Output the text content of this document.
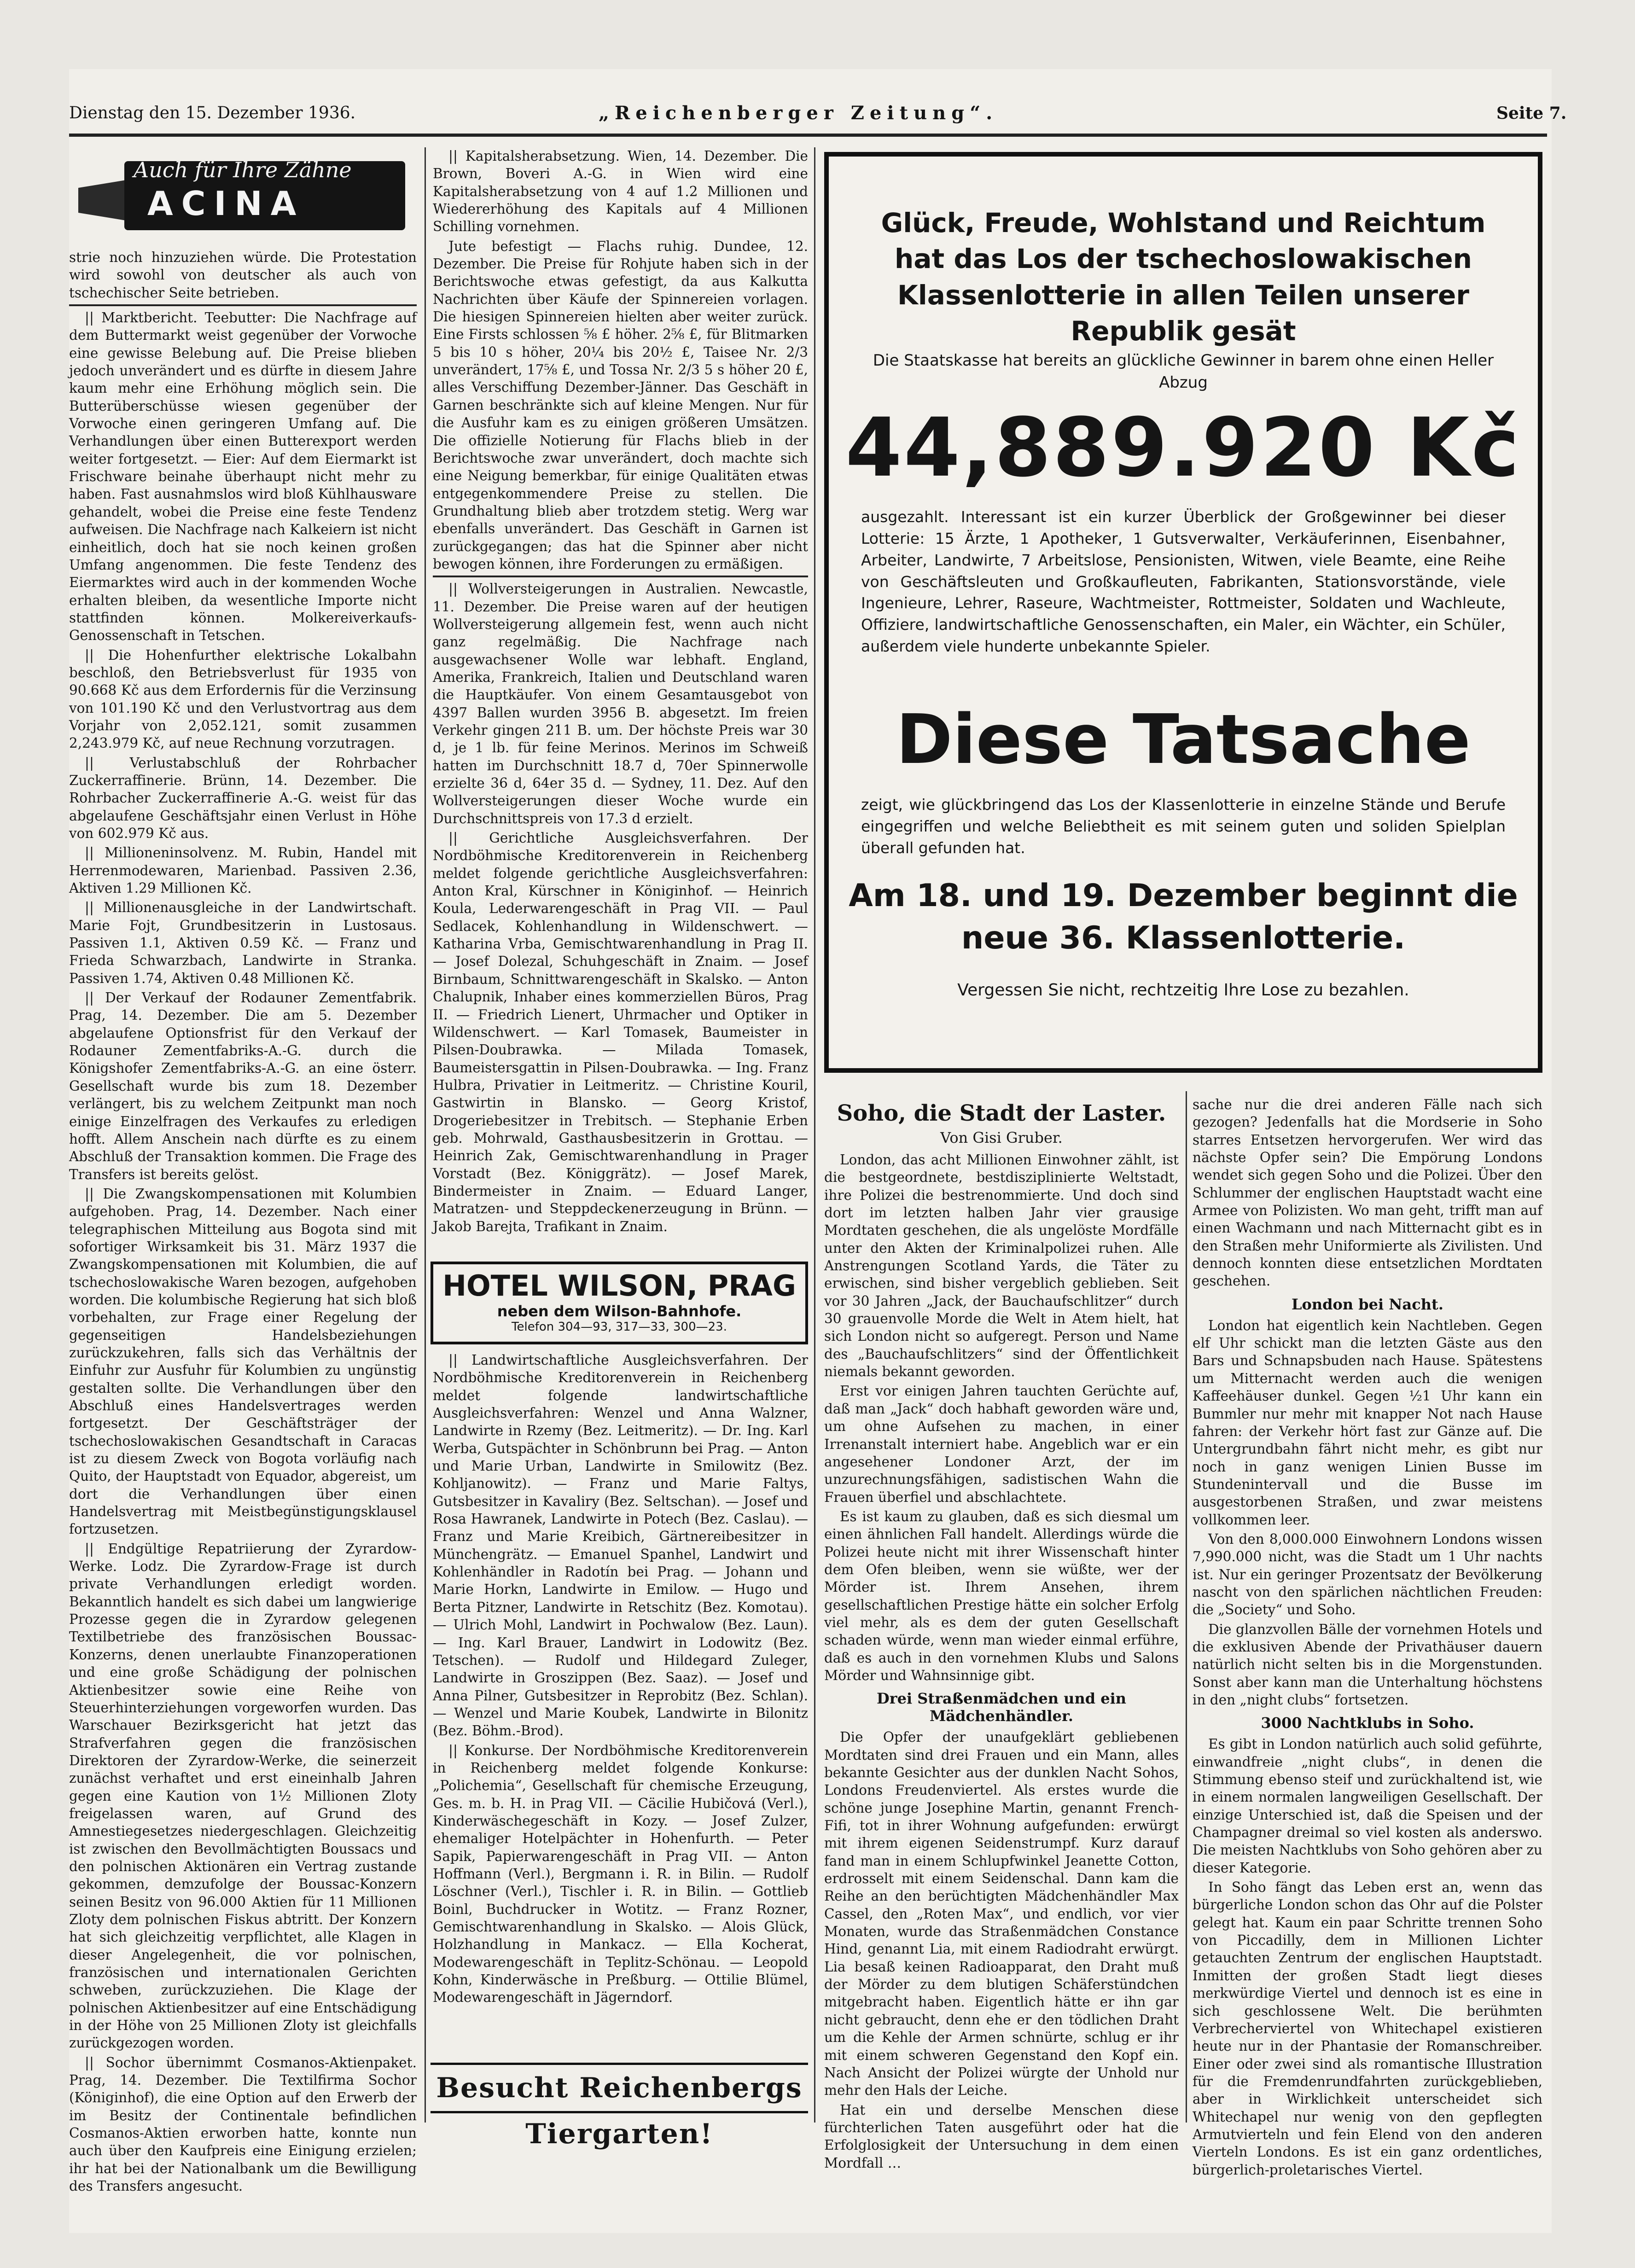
Dienstag den 15. Dezember 1936.	„Reichenberger Zeitung“.	Seite 7.
Auch für Ihre Zähne
ACINA

strie noch hinzuziehen würde. Die Protestation wird sowohl von deutscher als auch von tschechischer Seite betrieben.

|| Marktbericht. Teebutter: Die Nachfrage auf dem Buttermarkt weist gegenüber der Vorwoche eine gewisse Belebung auf. Die Preise blieben jedoch unverändert und es dürfte in diesem Jahre kaum mehr eine Erhöhung möglich sein. Die Butterüberschüsse wiesen gegenüber der Vorwoche einen geringeren Umfang auf. Die Verhandlungen über einen Butterexport werden weiter fortgesetzt. — Eier: Auf dem Eiermarkt ist Frischware beinahe überhaupt nicht mehr zu haben. Fast ausnahmslos wird bloß Kühlhausware gehandelt, wobei die Preise eine feste Tendenz aufweisen. Die Nachfrage nach Kalkeiern ist nicht einheitlich, doch hat sie noch keinen großen Umfang angenommen. Die feste Tendenz des Eiermarktes wird auch in der kommenden Woche erhalten bleiben, da wesentliche Importe nicht stattfinden können. Molkereiverkaufs-Genossenschaft in Tetschen.

|| Die Hohenfurther elektrische Lokalbahn beschloß, den Betriebsverlust für 1935 von 90.668 Kč aus dem Erfordernis für die Verzinsung von 101.190 Kč und den Verlustvortrag aus dem Vorjahr von 2,052.121, somit zusammen 2,243.979 Kč, auf neue Rechnung vorzutragen.

|| Verlustabschluß der Rohrbacher Zuckerraffinerie. Brünn, 14. Dezember. Die Rohrbacher Zuckerraffinerie A.-G. weist für das abgelaufene Geschäftsjahr einen Verlust in Höhe von 602.979 Kč aus.

|| Millioneninsolvenz. M. Rubin, Handel mit Herrenmodewaren, Marienbad. Passiven 2.36, Aktiven 1.29 Millionen Kč.

|| Millionenausgleiche in der Landwirtschaft. Marie Fojt, Grundbesitzerin in Lustosaus. Passiven 1.1, Aktiven 0.59 Kč. — Franz und Frieda Schwarzbach, Landwirte in Stranka. Passiven 1.74, Aktiven 0.48 Millionen Kč.

|| Der Verkauf der Rodauner Zementfabrik. Prag, 14. Dezember. Die am 5. Dezember abgelaufene Optionsfrist für den Verkauf der Rodauner Zementfabriks-A.-G. durch die Königshofer Zementfabriks-A.-G. an eine österr. Gesellschaft wurde bis zum 18. Dezember verlängert, bis zu welchem Zeitpunkt man noch einige Einzelfragen des Verkaufes zu erledigen hofft. Allem Anschein nach dürfte es zu einem Abschluß der Transaktion kommen. Die Frage des Transfers ist bereits gelöst.

|| Die Zwangskompensationen mit Kolumbien aufgehoben. Prag, 14. Dezember. Nach einer telegraphischen Mitteilung aus Bogota sind mit sofortiger Wirksamkeit bis 31. März 1937 die Zwangskompensationen mit Kolumbien, die auf tschechoslowakische Waren bezogen, aufgehoben worden. Die kolumbische Regierung hat sich bloß vorbehalten, zur Frage einer Regelung der gegenseitigen Handelsbeziehungen zurückzukehren, falls sich das Verhältnis der Einfuhr zur Ausfuhr für Kolumbien zu ungünstig gestalten sollte. Die Verhandlungen über den Abschluß eines Handelsvertrages werden fortgesetzt. Der Geschäftsträger der tschechoslowakischen Gesandtschaft in Caracas ist zu diesem Zweck von Bogota vorläufig nach Quito, der Hauptstadt von Equador, abgereist, um dort die Verhandlungen über einen Handelsvertrag mit Meistbegünstigungsklausel fortzusetzen.

|| Endgültige Repatriierung der Zyrardow-Werke. Lodz. Die Zyrardow-Frage ist durch private Verhandlungen erledigt worden. Bekanntlich handelt es sich dabei um langwierige Prozesse gegen die in Zyrardow gelegenen Textilbetriebe des französischen Boussac-Konzerns, denen unerlaubte Finanzoperationen und eine große Schädigung der polnischen Aktienbesitzer sowie eine Reihe von Steuerhinterziehungen vorgeworfen wurden. Das Warschauer Bezirksgericht hat jetzt das Strafverfahren gegen die französischen Direktoren der Zyrardow-Werke, die seinerzeit zunächst verhaftet und erst eineinhalb Jahren gegen eine Kaution von 1½ Millionen Zloty freigelassen waren, auf Grund des Amnestiegesetzes niedergeschlagen. Gleichzeitig ist zwischen den Bevollmächtigten Boussacs und den polnischen Aktionären ein Vertrag zustande gekommen, demzufolge der Boussac-Konzern seinen Besitz von 96.000 Aktien für 11 Millionen Zloty dem polnischen Fiskus abtritt. Der Konzern hat sich gleichzeitig verpflichtet, alle Klagen in dieser Angelegenheit, die vor polnischen, französischen und internationalen Gerichten schweben, zurückzuziehen. Die Klage der polnischen Aktienbesitzer auf eine Entschädigung in der Höhe von 25 Millionen Zloty ist gleichfalls zurückgezogen worden.

|| Sochor übernimmt Cosmanos-Aktienpaket. Prag, 14. Dezember. Die Textilfirma Sochor (Königinhof), die eine Option auf den Erwerb der im Besitz der Continentale befindlichen Cosmanos-Aktien erworben hatte, konnte nun auch über den Kaufpreis eine Einigung erzielen; ihr hat bei der Nationalbank um die Bewilligung des Transfers angesucht.

|| Kapitalsherabsetzung. Wien, 14. Dezember. Die Brown, Boveri A.-G. in Wien wird eine Kapitalsherabsetzung von 4 auf 1.2 Millionen und Wiedererhöhung des Kapitals auf 4 Millionen Schilling vornehmen.

Jute befestigt — Flachs ruhig. Dundee, 12. Dezember. Die Preise für Rohjute haben sich in der Berichtswoche etwas gefestigt, da aus Kalkutta Nachrichten über Käufe der Spinnereien vorlagen. Die hiesigen Spinnereien hielten aber weiter zurück. Eine Firsts schlossen ⅝ £ höher. 2⅝ £, für Blitmarken 5 bis 10 s höher, 20¼ bis 20½ £, Taisee Nr. 2/3 unverändert, 17⅝ £, und Tossa Nr. 2/3 5 s höher 20 £, alles Verschiffung Dezember-Jänner. Das Geschäft in Garnen beschränkte sich auf kleine Mengen. Nur für die Ausfuhr kam es zu einigen größeren Umsätzen. Die offizielle Notierung für Flachs blieb in der Berichtswoche zwar unverändert, doch machte sich eine Neigung bemerkbar, für einige Qualitäten etwas entgegenkommendere Preise zu stellen. Die Grundhaltung blieb aber trotzdem stetig. Werg war ebenfalls unverändert. Das Geschäft in Garnen ist zurückgegangen; das hat die Spinner aber nicht bewogen können, ihre Forderungen zu ermäßigen.

|| Wollversteigerungen in Australien. Newcastle, 11. Dezember. Die Preise waren auf der heutigen Wollversteigerung allgemein fest, wenn auch nicht ganz regelmäßig. Die Nachfrage nach ausgewachsener Wolle war lebhaft. England, Amerika, Frankreich, Italien und Deutschland waren die Hauptkäufer. Von einem Gesamtausgebot von 4397 Ballen wurden 3956 B. abgesetzt. Im freien Verkehr gingen 211 B. um. Der höchste Preis war 30 d, je 1 lb. für feine Merinos. Merinos im Schweiß hatten im Durchschnitt 18.7 d, 70er Spinnerwolle erzielte 36 d, 64er 35 d. — Sydney, 11. Dez. Auf den Wollversteigerungen dieser Woche wurde ein Durchschnittspreis von 17.3 d erzielt.

|| Gerichtliche Ausgleichsverfahren. Der Nordböhmische Kreditorenverein in Reichenberg meldet folgende gerichtliche Ausgleichsverfahren: Anton Kral, Kürschner in Königinhof. — Heinrich Koula, Lederwarengeschäft in Prag VII. — Paul Sedlacek, Kohlenhandlung in Wildenschwert. — Katharina Vrba, Gemischtwarenhandlung in Prag II. — Josef Dolezal, Schuhgeschäft in Znaim. — Josef Birnbaum, Schnittwarengeschäft in Skalsko. — Anton Chalupnik, Inhaber eines kommerziellen Büros, Prag II. — Friedrich Lienert, Uhrmacher und Optiker in Wildenschwert. — Karl Tomasek, Baumeister in Pilsen-Doubrawka. — Milada Tomasek, Baumeistersgattin in Pilsen-Doubrawka. — Ing. Franz Hulbra, Privatier in Leitmeritz. — Christine Kouril, Gastwirtin in Blansko. — Georg Kristof, Drogeriebesitzer in Trebitsch. — Stephanie Erben geb. Mohrwald, Gasthausbesitzerin in Grottau. — Heinrich Zak, Gemischtwarenhandlung in Prager Vorstadt (Bez. Königgrätz). — Josef Marek, Bindermeister in Znaim. — Eduard Langer, Matratzen- und Steppdeckenerzeugung in Brünn. — Jakob Barejta, Trafikant in Znaim.

HOTEL WILSON, PRAG
neben dem Wilson-Bahnhofe.
Telefon 304—93, 317—33, 300—23.

|| Landwirtschaftliche Ausgleichsverfahren. Der Nordböhmische Kreditorenverein in Reichenberg meldet folgende landwirtschaftliche Ausgleichsverfahren: Wenzel und Anna Walzner, Landwirte in Rzemy (Bez. Leitmeritz). — Dr. Ing. Karl Werba, Gutspächter in Schönbrunn bei Prag. — Anton und Marie Urban, Landwirte in Smilowitz (Bez. Kohljanowitz). — Franz und Marie Faltys, Gutsbesitzer in Kavaliry (Bez. Seltschan). — Josef und Rosa Hawranek, Landwirte in Potech (Bez. Caslau). — Franz und Marie Kreibich, Gärtnereibesitzer in Münchengrätz. — Emanuel Spanhel, Landwirt und Kohlenhändler in Radotín bei Prag. — Johann und Marie Horkn, Landwirte in Emilow. — Hugo und Berta Pitzner, Landwirte in Retschitz (Bez. Komotau). — Ulrich Mohl, Landwirt in Pochwalow (Bez. Laun). — Ing. Karl Brauer, Landwirt in Lodowitz (Bez. Tetschen). — Rudolf und Hildegard Zuleger, Landwirte in Groszippen (Bez. Saaz). — Josef und Anna Pilner, Gutsbesitzer in Reprobitz (Bez. Schlan). — Wenzel und Marie Koubek, Landwirte in Bilonitz (Bez. Böhm.-Brod).

|| Konkurse. Der Nordböhmische Kreditorenverein in Reichenberg meldet folgende Konkurse: „Polichemia“, Gesellschaft für chemische Erzeugung, Ges. m. b. H. in Prag VII. — Cäcilie Hubičová (Verl.), Kinderwäschegeschäft in Kozy. — Josef Zulzer, ehemaliger Hotelpächter in Hohenfurth. — Peter Sapik, Papierwarengeschäft in Prag VII. — Anton Hoffmann (Verl.), Bergmann i. R. in Bilin. — Rudolf Löschner (Verl.), Tischler i. R. in Bilin. — Gottlieb Boinl, Buchdrucker in Wotitz. — Franz Rozner, Gemischtwarenhandlung in Skalsko. — Alois Glück, Holzhandlung in Mankacz. — Ella Kocherat, Modewarengeschäft in Teplitz-Schönau. — Leopold Kohn, Kinderwäsche in Preßburg. — Ottilie Blümel, Modewarengeschäft in Jägerndorf.

Besucht Reichenbergs Tiergarten!
Glück, Freude, Wohlstand und Reichtum hat das Los der tschechoslowakischen Klassenlotterie in allen Teilen unserer Republik gesät
Die Staatskasse hat bereits an glückliche Gewinner in barem ohne einen Heller Abzug
44,889.920 Kč
ausgezahlt. Interessant ist ein kurzer Überblick der Großgewinner bei dieser Lotterie: 15 Ärzte, 1 Apotheker, 1 Gutsverwalter, Verkäuferinnen, Eisenbahner, Arbeiter, Landwirte, 7 Arbeitslose, Pensionisten, Witwen, viele Beamte, eine Reihe von Geschäftsleuten und Großkaufleuten, Fabrikanten, Stationsvorstände, viele Ingenieure, Lehrer, Raseure, Wachtmeister, Rottmeister, Soldaten und Wachleute, Offiziere, landwirtschaftliche Genossenschaften, ein Maler, ein Wächter, ein Schüler, außerdem viele hunderte unbekannte Spieler.
Diese Tatsache
zeigt, wie glückbringend das Los der Klassenlotterie in einzelne Stände und Berufe eingegriffen und welche Beliebtheit es mit seinem guten und soliden Spielplan überall gefunden hat.
Am 18. und 19. Dezember beginnt die neue 36. Klassenlotterie.
Vergessen Sie nicht, rechtzeitig Ihre Lose zu bezahlen.
Soho, die Stadt der Laster.
Von Gisi Gruber.

London, das acht Millionen Einwohner zählt, ist die bestgeordnete, bestdisziplinierte Weltstadt, ihre Polizei die bestrenommierte. Und doch sind dort im letzten halben Jahr vier grausige Mordtaten geschehen, die als ungelöste Mordfälle unter den Akten der Kriminalpolizei ruhen. Alle Anstrengungen Scotland Yards, die Täter zu erwischen, sind bisher vergeblich geblieben. Seit vor 30 Jahren „Jack, der Bauchaufschlitzer“ durch 30 grauenvolle Morde die Welt in Atem hielt, hat sich London nicht so aufgeregt. Person und Name des „Bauchaufschlitzers“ sind der Öffentlichkeit niemals bekannt geworden.

Erst vor einigen Jahren tauchten Gerüchte auf, daß man „Jack“ doch habhaft geworden wäre und, um ohne Aufsehen zu machen, in einer Irrenanstalt interniert habe. Angeblich war er ein angesehener Londoner Arzt, der im unzurechnungsfähigen, sadistischen Wahn die Frauen überfiel und abschlachtete.

Es ist kaum zu glauben, daß es sich diesmal um einen ähnlichen Fall handelt. Allerdings würde die Polizei heute nicht mit ihrer Wissenschaft hinter dem Ofen bleiben, wenn sie wüßte, wer der Mörder ist. Ihrem Ansehen, ihrem gesellschaftlichen Prestige hätte ein solcher Erfolg viel mehr, als es dem der guten Gesellschaft schaden würde, wenn man wieder einmal erführe, daß es auch in den vornehmen Klubs und Salons Mörder und Wahnsinnige gibt.

Drei Straßenmädchen und ein Mädchenhändler.

Die Opfer der unaufgeklärt gebliebenen Mordtaten sind drei Frauen und ein Mann, alles bekannte Gesichter aus der dunklen Nacht Sohos, Londons Freudenviertel. Als erstes wurde die schöne junge Josephine Martin, genannt French-Fifi, tot in ihrer Wohnung aufgefunden: erwürgt mit ihrem eigenen Seidenstrumpf. Kurz darauf fand man in einem Schlupfwinkel Jeanette Cotton, erdrosselt mit einem Seidenschal. Dann kam die Reihe an den berüchtigten Mädchenhändler Max Cassel, den „Roten Max“, und endlich, vor vier Monaten, wurde das Straßenmädchen Constance Hind, genannt Lia, mit einem Radiodraht erwürgt. Lia besaß keinen Radioapparat, den Draht muß der Mörder zu dem blutigen Schäferstündchen mitgebracht haben. Eigentlich hätte er ihn gar nicht gebraucht, denn ehe er den tödlichen Draht um die Kehle der Armen schnürte, schlug er ihr mit einem schweren Gegenstand den Kopf ein. Nach Ansicht der Polizei würgte der Unhold nur mehr den Hals der Leiche.

Hat ein und derselbe Menschen diese fürchterlichen Taten ausgeführt oder hat die Erfolglosigkeit der Untersuchung in dem einen Mordfall …

sache nur die drei anderen Fälle nach sich gezogen? Jedenfalls hat die Mordserie in Soho starres Entsetzen hervorgerufen. Wer wird das nächste Opfer sein? Die Empörung Londons wendet sich gegen Soho und die Polizei. Über den Schlummer der englischen Hauptstadt wacht eine Armee von Polizisten. Wo man geht, trifft man auf einen Wachmann und nach Mitternacht gibt es in den Straßen mehr Uniformierte als Zivilisten. Und dennoch konnten diese entsetzlichen Mordtaten geschehen.

London bei Nacht.

London hat eigentlich kein Nachtleben. Gegen elf Uhr schickt man die letzten Gäste aus den Bars und Schnapsbuden nach Hause. Spätestens um Mitternacht werden auch die wenigen Kaffeehäuser dunkel. Gegen ½1 Uhr kann ein Bummler nur mehr mit knapper Not nach Hause fahren: der Verkehr hört fast zur Gänze auf. Die Untergrundbahn fährt nicht mehr, es gibt nur noch in ganz wenigen Linien Busse im Stundenintervall und die Busse im ausgestorbenen Straßen, und zwar meistens vollkommen leer.

Von den 8,000.000 Einwohnern Londons wissen 7,990.000 nicht, was die Stadt um 1 Uhr nachts ist. Nur ein geringer Prozentsatz der Bevölkerung nascht von den spärlichen nächtlichen Freuden: die „Society“ und Soho.

Die glanzvollen Bälle der vornehmen Hotels und die exklusiven Abende der Privathäuser dauern natürlich nicht selten bis in die Morgenstunden. Sonst aber kann man die Unterhaltung höchstens in den „night clubs“ fortsetzen.

3000 Nachtklubs in Soho.

Es gibt in London natürlich auch solid geführte, einwandfreie „night clubs“, in denen die Stimmung ebenso steif und zurückhaltend ist, wie in einem normalen langweiligen Gesellschaft. Der einzige Unterschied ist, daß die Speisen und der Champagner dreimal so viel kosten als anderswo. Die meisten Nachtklubs von Soho gehören aber zu dieser Kategorie.

In Soho fängt das Leben erst an, wenn das bürgerliche London schon das Ohr auf die Polster gelegt hat. Kaum ein paar Schritte trennen Soho von Piccadilly, dem in Millionen Lichter getauchten Zentrum der englischen Hauptstadt. Inmitten der großen Stadt liegt dieses merkwürdige Viertel und dennoch ist es eine in sich geschlossene Welt. Die berühmten Verbrecherviertel von Whitechapel existieren heute nur in der Phantasie der Romanschreiber. Einer oder zwei sind als romantische Illustration für die Fremdenrundfahrten zurückgeblieben, aber in Wirklichkeit unterscheidet sich Whitechapel nur wenig von den gepflegten Armutvierteln und fein Elend von den anderen Vierteln Londons. Es ist ein ganz ordentliches, bürgerlich-proletarisches Viertel.
